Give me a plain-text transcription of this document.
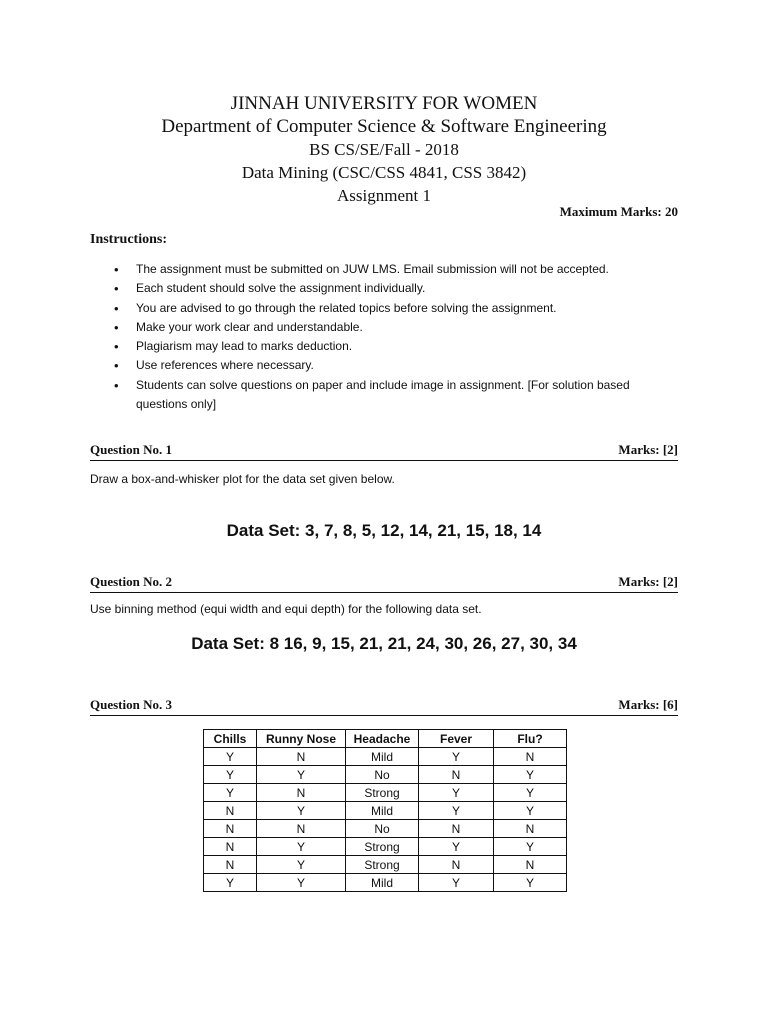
JINNAH UNIVERSITY FOR WOMEN
Department of Computer Science & Software Engineering
BS CS/SE/Fall - 2018
Data Mining (CSC/CSS 4841, CSS 3842)
Assignment 1
Maximum Marks: 20
Instructions:
• The assignment must be submitted on JUW LMS. Email submission will not be accepted.
• Each student should solve the assignment individually.
• You are advised to go through the related topics before solving the assignment.
• Make your work clear and understandable.
• Plagiarism may lead to marks deduction.
• Use references where necessary.
• Students can solve questions on paper and include image in assignment. [For solution based questions only]
Question No. 1	Marks: [2]
Draw a box-and-whisker plot for the data set given below.
Data Set: 3, 7, 8, 5, 12, 14, 21, 15, 18, 14
Question No. 2	Marks: [2]
Use binning method (equi width and equi depth) for the following data set.
Data Set: 8 16, 9, 15, 21, 21, 24, 30, 26, 27, 30, 34
Question No. 3	Marks: [6]
Chills	Runny Nose	Headache	Fever	Flu?
Y	N	Mild	Y	N
Y	Y	No	N	Y
Y	N	Strong	Y	Y
N	Y	Mild	Y	Y
N	N	No	N	N
N	Y	Strong	Y	Y
N	Y	Strong	N	N
Y	Y	Mild	Y	Y
